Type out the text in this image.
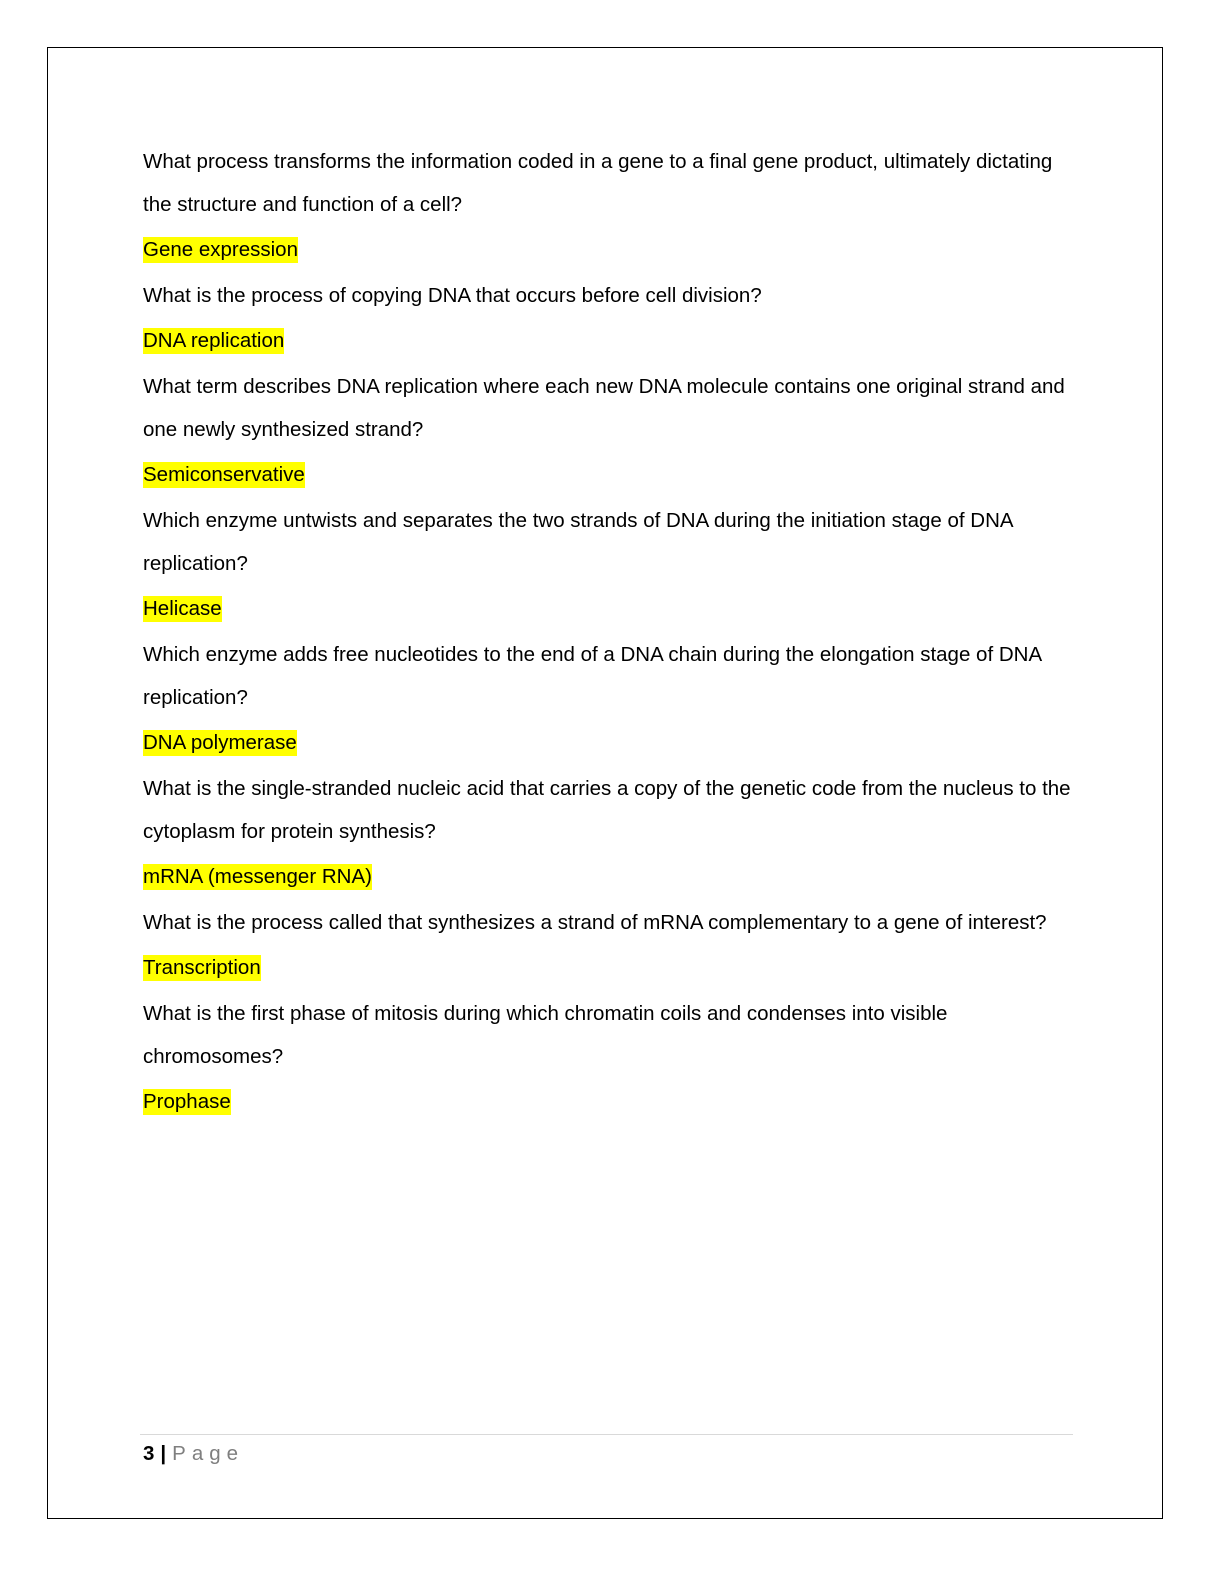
What process transforms the information coded in a gene to a final gene product, ultimately dictating the structure and function of a cell?

Gene expression

What is the process of copying DNA that occurs before cell division?

DNA replication

What term describes DNA replication where each new DNA molecule contains one original strand and one newly synthesized strand?

Semiconservative

Which enzyme untwists and separates the two strands of DNA during the initiation stage of DNA replication?

Helicase

Which enzyme adds free nucleotides to the end of a DNA chain during the elongation stage of DNA replication?

DNA polymerase

What is the single-stranded nucleic acid that carries a copy of the genetic code from the nucleus to the cytoplasm for protein synthesis?

mRNA (messenger RNA)

What is the process called that synthesizes a strand of mRNA complementary to a gene of interest?

Transcription

What is the first phase of mitosis during which chromatin coils and condenses into visible chromosomes?

Prophase

3 | Page
